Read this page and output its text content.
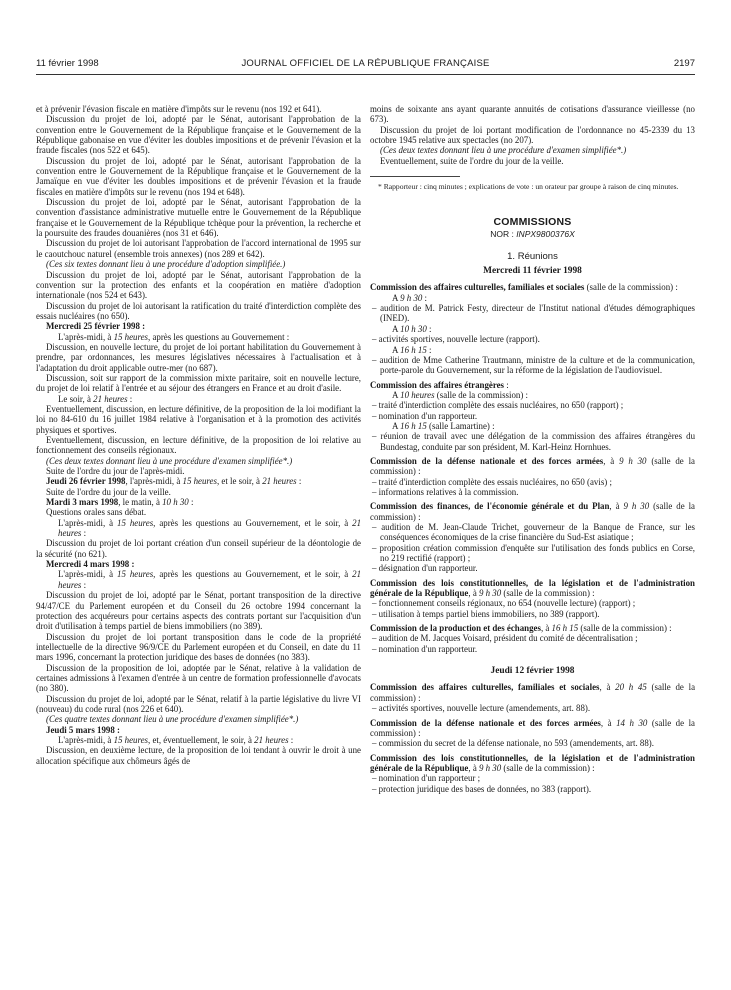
11 février 1998	JOURNAL OFFICIEL DE LA RÉPUBLIQUE FRANÇAISE	2197

et à prévenir l'évasion fiscale en matière d'impôts sur le revenu (nos 192 et 641).

Discussion du projet de loi, adopté par le Sénat, autorisant l'approbation de la convention entre le Gouvernement de la République française et le Gouvernement de la République gabonaise en vue d'éviter les doubles impositions et de prévenir l'évasion et la fraude fiscales (nos 522 et 645).

Discussion du projet de loi, adopté par le Sénat, autorisant l'approbation de la convention entre le Gouvernement de la République française et le Gouvernement de la Jamaïque en vue d'éviter les doubles impositions et de prévenir l'évasion et la fraude fiscales en matière d'impôts sur le revenu (nos 194 et 648).

Discussion du projet de loi, adopté par le Sénat, autorisant l'approbation de la convention d'assistance administrative mutuelle entre le Gouvernement de la République française et le Gouvernement de la République tchèque pour la prévention, la recherche et la poursuite des fraudes douanières (nos 31 et 646).

Discussion du projet de loi autorisant l'approbation de l'accord international de 1995 sur le caoutchouc naturel (ensemble trois annexes) (nos 289 et 642).

(Ces six textes donnant lieu à une procédure d'adoption simplifiée.)

Discussion du projet de loi, adopté par le Sénat, autorisant l'approbation de la convention sur la protection des enfants et la coopération en matière d'adoption internationale (nos 524 et 643).

Discussion du projet de loi autorisant la ratification du traité d'interdiction complète des essais nucléaires (no 650).

Mercredi 25 février 1998 :

L'après-midi, à 15 heures, après les questions au Gouvernement :

Discussion, en nouvelle lecture, du projet de loi portant habilitation du Gouvernement à prendre, par ordonnances, les mesures législatives nécessaires à l'actualisation et à l'adaptation du droit applicable outre-mer (no 687).

Discussion, soit sur rapport de la commission mixte paritaire, soit en nouvelle lecture, du projet de loi relatif à l'entrée et au séjour des étrangers en France et au droit d'asile.

Le soir, à 21 heures :

Eventuellement, discussion, en lecture définitive, de la proposition de la loi modifiant la loi no 84-610 du 16 juillet 1984 relative à l'organisation et à la promotion des activités physiques et sportives.

Eventuellement, discussion, en lecture définitive, de la proposition de loi relative au fonctionnement des conseils régionaux.

(Ces deux textes donnant lieu à une procédure d'examen simplifiée*.)

Suite de l'ordre du jour de l'après-midi.

Jeudi 26 février 1998, l'après-midi, à 15 heures, et le soir, à 21 heures :

Suite de l'ordre du jour de la veille.

Mardi 3 mars 1998, le matin, à 10 h 30 :

Questions orales sans débat.

L'après-midi, à 15 heures, après les questions au Gouvernement, et le soir, à 21 heures :

Discussion du projet de loi portant création d'un conseil supérieur de la déontologie de la sécurité (no 621).

Mercredi 4 mars 1998 :

L'après-midi, à 15 heures, après les questions au Gouvernement, et le soir, à 21 heures :

Discussion du projet de loi, adopté par le Sénat, portant transposition de la directive 94/47/CE du Parlement européen et du Conseil du 26 octobre 1994 concernant la protection des acquéreurs pour certains aspects des contrats portant sur l'acquisition d'un droit d'utilisation à temps partiel de biens immobiliers (no 389).

Discussion du projet de loi portant transposition dans le code de la propriété intellectuelle de la directive 96/9/CE du Parlement européen et du Conseil, en date du 11 mars 1996, concernant la protection juridique des bases de données (no 383).

Discussion de la proposition de loi, adoptée par le Sénat, relative à la validation de certaines admissions à l'examen d'entrée à un centre de formation professionnelle d'avocats (no 380).

Discussion du projet de loi, adopté par le Sénat, relatif à la partie législative du livre VI (nouveau) du code rural (nos 226 et 640).

(Ces quatre textes donnant lieu à une procédure d'examen simplifiée*.)

Jeudi 5 mars 1998 :

L'après-midi, à 15 heures, et, éventuellement, le soir, à 21 heures :

Discussion, en deuxième lecture, de la proposition de loi tendant à ouvrir le droit à une allocation spécifique aux chômeurs âgés de

moins de soixante ans ayant quarante annuités de cotisations d'assurance vieillesse (no 673).

Discussion du projet de loi portant modification de l'ordonnance no 45-2339 du 13 octobre 1945 relative aux spectacles (no 207).

(Ces deux textes donnant lieu à une procédure d'examen simplifiée*.)

Eventuellement, suite de l'ordre du jour de la veille.

* Rapporteur : cinq minutes ; explications de vote : un orateur par groupe à raison de cinq minutes.

COMMISSIONS
NOR : INPX9800376X
1. Réunions
Mercredi 11 février 1998

Commission des affaires culturelles, familiales et sociales (salle de la commission) :

A 9 h 30 :

– audition de M. Patrick Festy, directeur de l'Institut national d'études démographiques (INED).

A 10 h 30 :

– activités sportives, nouvelle lecture (rapport).

A 16 h 15 :

– audition de Mme Catherine Trautmann, ministre de la culture et de la communication, porte-parole du Gouvernement, sur la réforme de la législation de l'audiovisuel.

Commission des affaires étrangères :

A 10 heures (salle de la commission) :

– traité d'interdiction complète des essais nucléaires, no 650 (rapport) ;

– nomination d'un rapporteur.

A 16 h 15 (salle Lamartine) :

– réunion de travail avec une délégation de la commission des affaires étrangères du Bundestag, conduite par son président, M. Karl-Heinz Hornhues.

Commission de la défense nationale et des forces armées, à 9 h 30 (salle de la commission) :

– traité d'interdiction complète des essais nucléaires, no 650 (avis) ;

– informations relatives à la commission.

Commission des finances, de l'économie générale et du Plan, à 9 h 30 (salle de la commission) :

– audition de M. Jean-Claude Trichet, gouverneur de la Banque de France, sur les conséquences économiques de la crise financière du Sud-Est asiatique ;

– proposition création commission d'enquête sur l'utilisation des fonds publics en Corse, no 219 rectifié (rapport) ;

– désignation d'un rapporteur.

Commission des lois constitutionnelles, de la législation et de l'administration générale de la République, à 9 h 30 (salle de la commission) :

– fonctionnement conseils régionaux, no 654 (nouvelle lecture) (rapport) ;

– utilisation à temps partiel biens immobiliers, no 389 (rapport).

Commission de la production et des échanges, à 16 h 15 (salle de la commission) :

– audition de M. Jacques Voisard, président du comité de décentralisation ;

– nomination d'un rapporteur.

Jeudi 12 février 1998

Commission des affaires culturelles, familiales et sociales, à 20 h 45 (salle de la commission) :

– activités sportives, nouvelle lecture (amendements, art. 88).

Commission de la défense nationale et des forces armées, à 14 h 30 (salle de la commission) :

– commission du secret de la défense nationale, no 593 (amendements, art. 88).

Commission des lois constitutionnelles, de la législation et de l'administration générale de la République, à 9 h 30 (salle de la commission) :

– nomination d'un rapporteur ;

– protection juridique des bases de données, no 383 (rapport).
